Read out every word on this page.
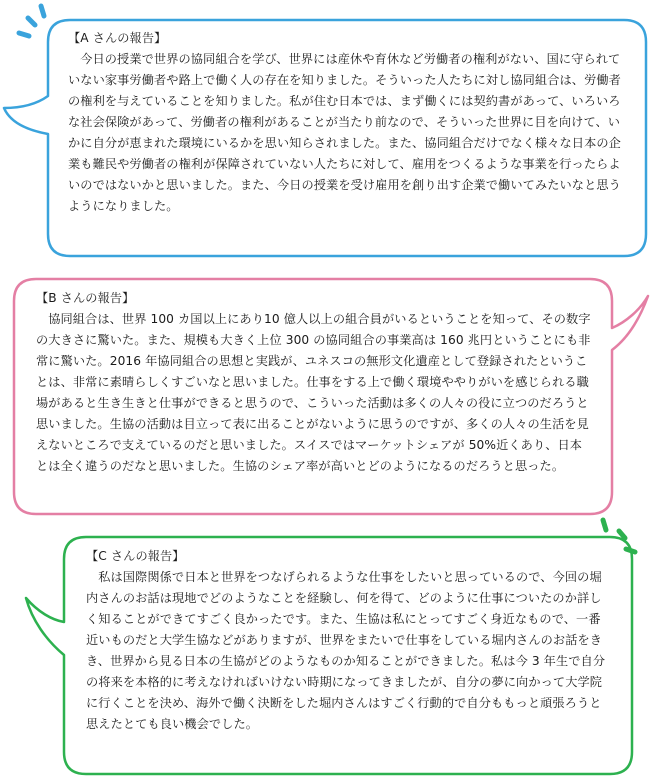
【A さんの報告】
今日の授業で世界の協同組合を学び、世界には産休や育休など労働者の権利がない、国に守られていない家事労働者や路上で働く人の存在を知りました。そういった人たちに対し協同組合は、労働者の権利を与えていることを知りました。私が住む日本では、まず働くには契約書があって、いろいろな社会保険があって、労働者の権利があることが当たり前なので、そういった世界に目を向けて、いかに自分が恵まれた環境にいるかを思い知らされました。また、協同組合だけでなく様々な日本の企業も難民や労働者の権利が保障されていない人たちに対して、雇用をつくるような事業を行ったらよいのではないかと思いました。また、今日の授業を受け雇用を創り出す企業で働いてみたいなと思うようになりました。
【B さんの報告】
協同組合は、世界 100 カ国以上にあり10 億人以上の組合員がいるということを知って、その数字の大きさに驚いた。また、規模も大きく上位 300 の協同組合の事業高は 160 兆円ということにも非常に驚いた。2016 年協同組合の思想と実践が、ユネスコの無形文化遺産として登録されたということは、非常に素晴らしくすごいなと思いました。仕事をする上で働く環境ややりがいを感じられる職場があると生き生きと仕事ができると思うので、こういった活動は多くの人々の役に立つのだろうと思いました。生協の活動は目立って表に出ることがないように思うのですが、多くの人々の生活を見えないところで支えているのだと思いました。スイスではマーケットシェアが 50%近くあり、日本とは全く違うのだなと思いました。生協のシェア率が高いとどのようになるのだろうと思った。
【C さんの報告】
私は国際関係で日本と世界をつなげられるような仕事をしたいと思っているので、今回の堀内さんのお話は現地でどのようなことを経験し、何を得て、どのように仕事についたのか詳しく知ることができてすごく良かったです。また、生協は私にとってすごく身近なもので、一番近いものだと大学生協などがありますが、世界をまたいで仕事をしている堀内さんのお話をきき、世界から見る日本の生協がどのようなものか知ることができました。私は今 3 年生で自分の将来を本格的に考えなければいけない時期になってきましたが、自分の夢に向かって大学院に行くことを決め、海外で働く決断をした堀内さんはすごく行動的で自分ももっと頑張ろうと思えたとても良い機会でした。
